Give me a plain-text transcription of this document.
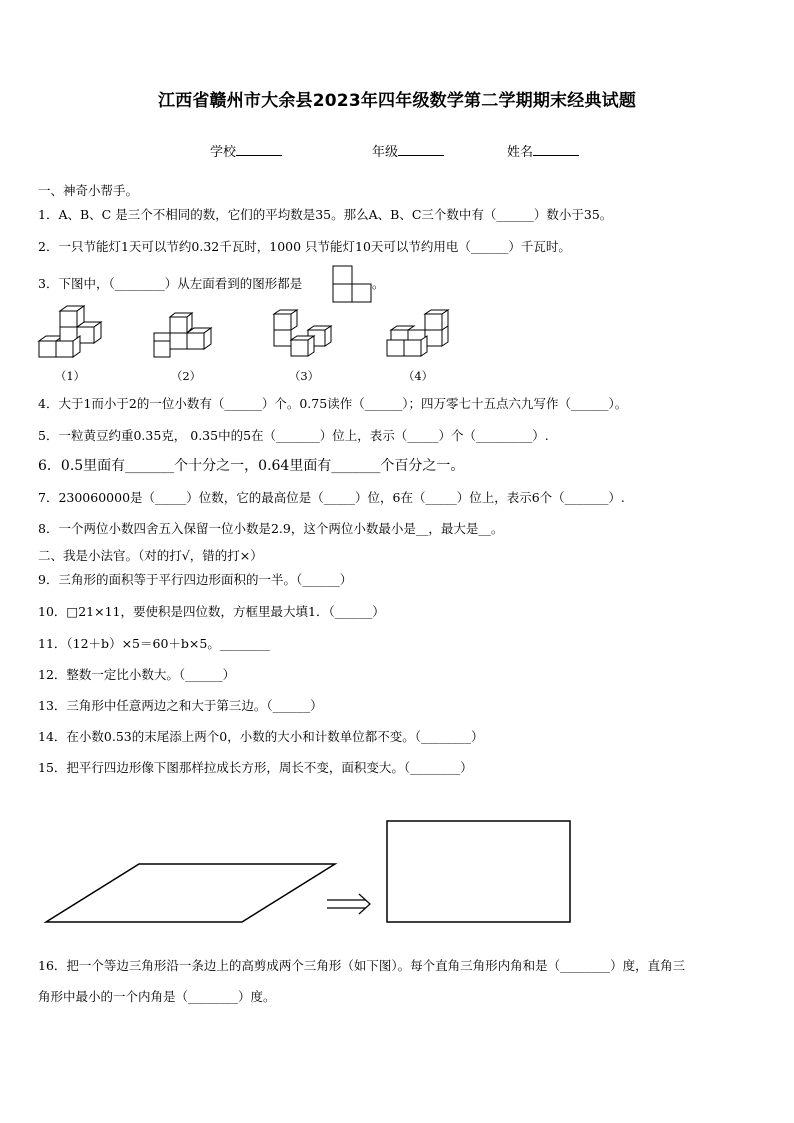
江西省赣州市大余县2023年四年级数学第二学期期末经典试题
学校	年级	姓名
一、神奇小帮手。
1．A、B、C 是三个不相同的数，它们的平均数是35。那么A、B、C三个数中有（______）数小于35。
2．一只节能灯1天可以节约0.32千瓦时，1000 只节能灯10天可以节约用电（______）千瓦时。
3．下图中，（________）从左面看到的图形都是	。
（1）	（2）	（3）	（4）
4．大于1而小于2的一位小数有（______）个。0.75读作（______）；四万零七十五点六九写作（______）。
5．一粒黄豆约重0.35克， 0.35中的5在（_______）位上，表示（_____）个（_________）.
6．0.5里面有_______个十分之一，0.64里面有_______个百分之一。
7．230060000是（_____）位数，它的最高位是（_____）位，6在（_____）位上，表示6个（_______）.
8．一个两位小数四舍五入保留一位小数是2.9，这个两位小数最小是__，最大是__。
二、我是小法官。（对的打√，错的打×）
9．三角形的面积等于平行四边形面积的一半。（______）
10．□21×11，要使积是四位数，方框里最大填1．（______）
11．（12＋b）×5＝60＋b×5。________
12．整数一定比小数大。（______）
13．三角形中任意两边之和大于第三边。（______）
14．在小数0.53的末尾添上两个0，小数的大小和计数单位都不变。（________）
15．把平行四边形像下图那样拉成长方形，周长不变，面积变大。（________）
16．把一个等边三角形沿一条边上的高剪成两个三角形（如下图）。每个直角三角形内角和是（________）度，直角三
角形中最小的一个内角是（________）度。
